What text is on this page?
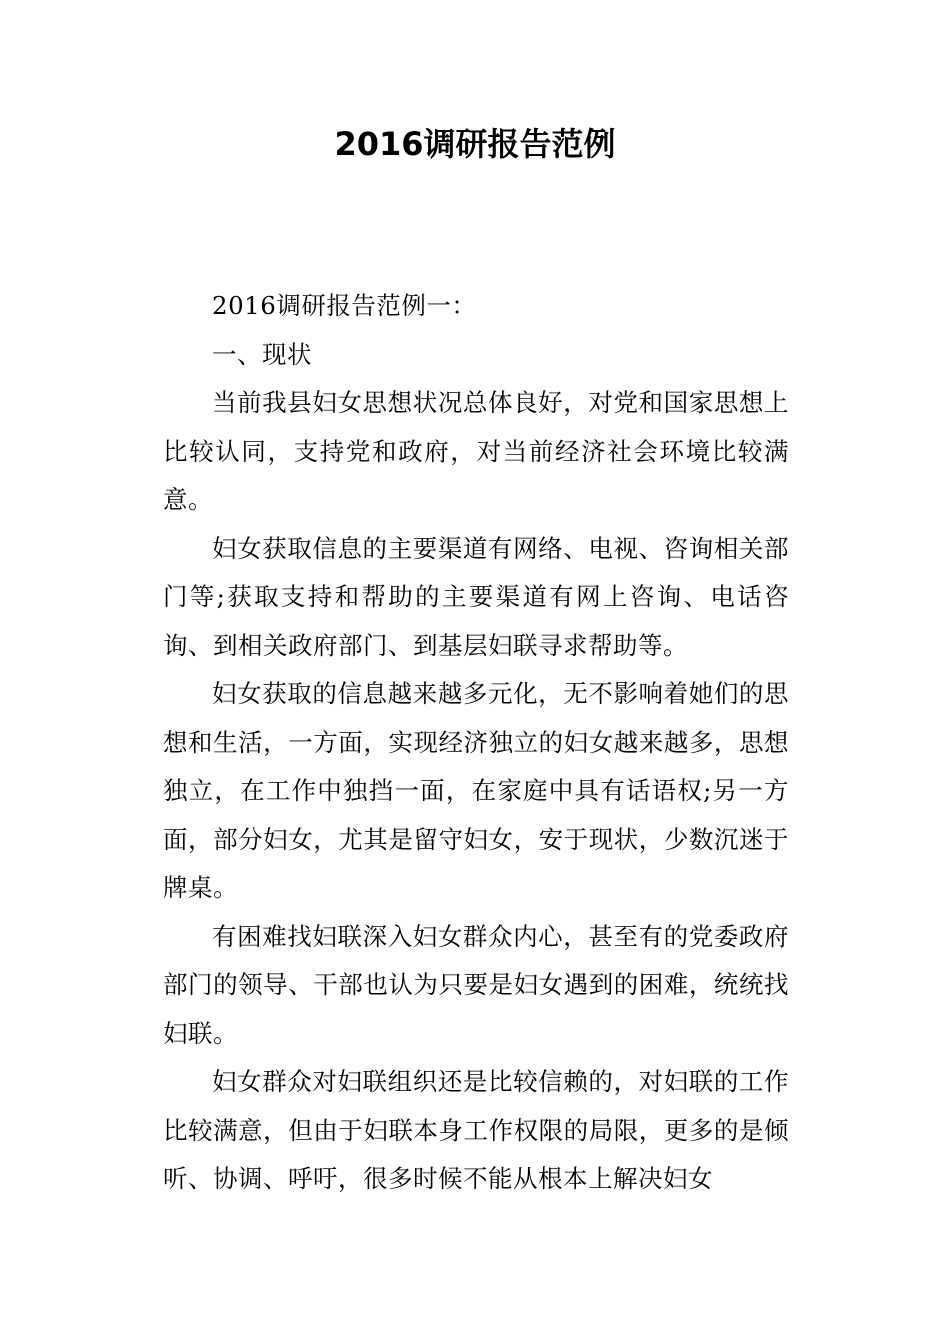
2016调研报告范例

2016调研报告范例一：

一、现状

当前我县妇女思想状况总体良好，对党和国家思想上比较认同，支持党和政府，对当前经济社会环境比较满意。

妇女获取信息的主要渠道有网络、电视、咨询相关部门等;获取支持和帮助的主要渠道有网上咨询、电话咨询、到相关政府部门、到基层妇联寻求帮助等。

妇女获取的信息越来越多元化，无不影响着她们的思想和生活，一方面，实现经济独立的妇女越来越多，思想独立，在工作中独挡一面，在家庭中具有话语权;另一方面，部分妇女，尤其是留守妇女，安于现状，少数沉迷于牌桌。

有困难找妇联深入妇女群众内心，甚至有的党委政府部门的领导、干部也认为只要是妇女遇到的困难，统统找妇联。

妇女群众对妇联组织还是比较信赖的，对妇联的工作比较满意，但由于妇联本身工作权限的局限，更多的是倾听、协调、呼吁，很多时候不能从根本上解决妇女
